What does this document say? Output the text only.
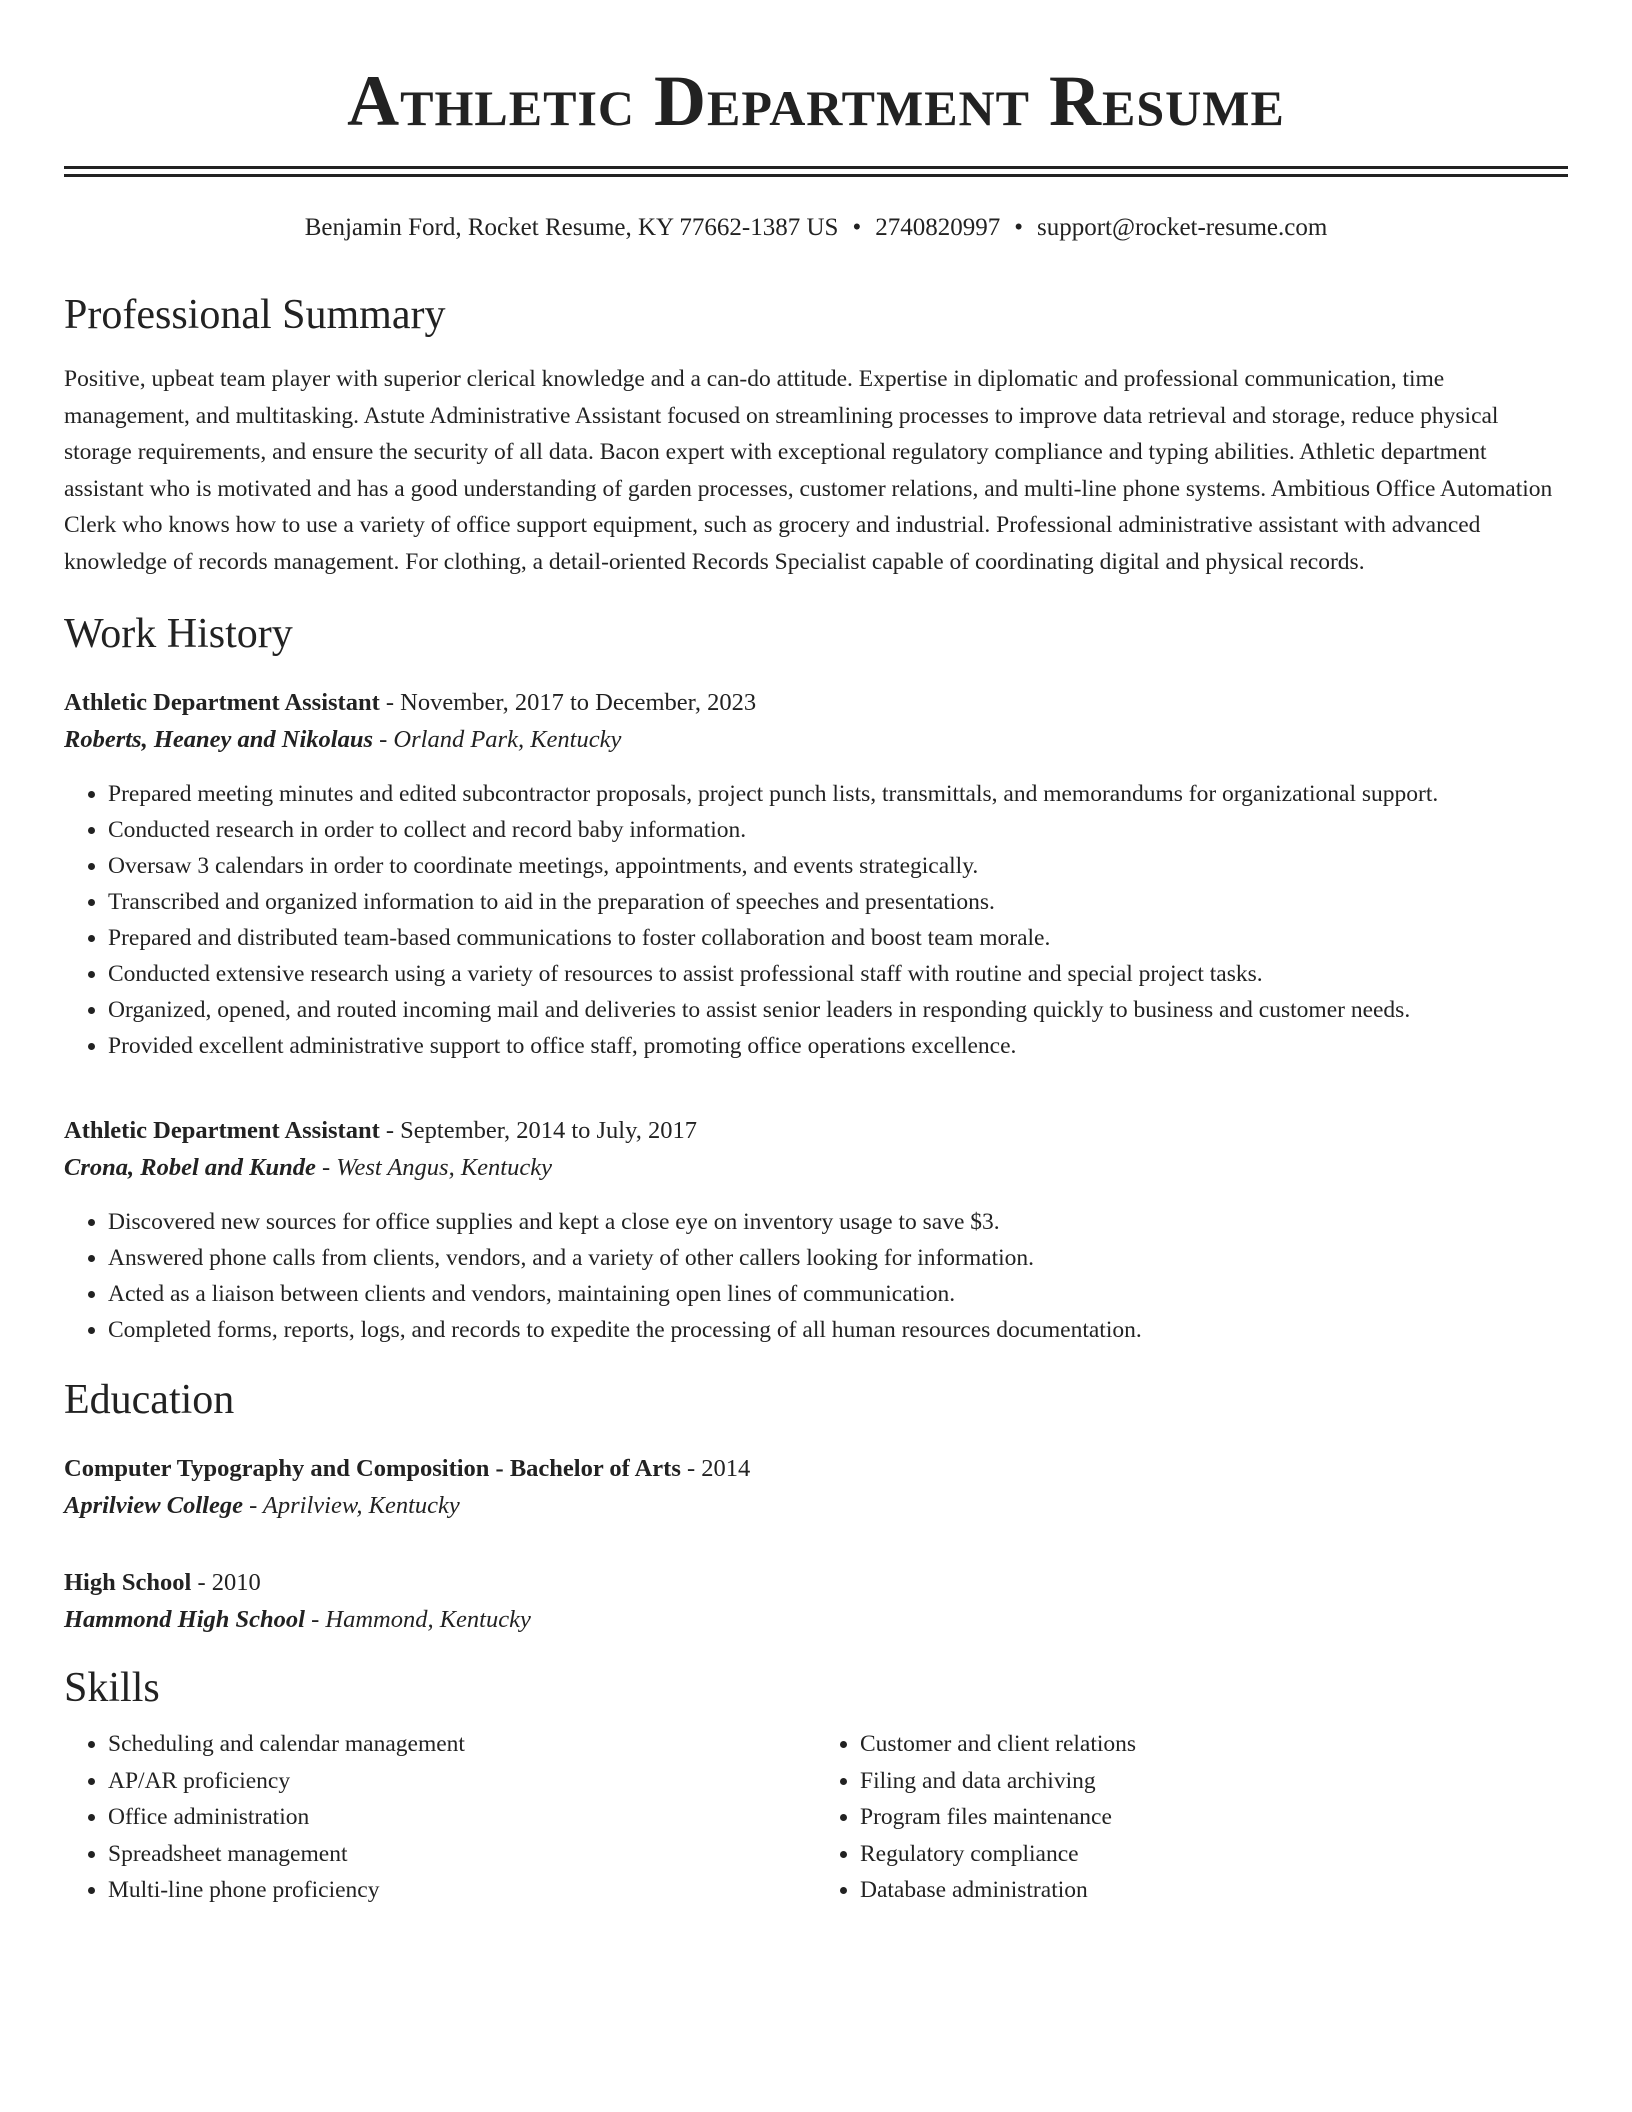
Athletic Department Resume
Benjamin Ford, Rocket Resume, KY 77662-1387 US • 2740820997 • support@rocket-resume.com
Professional Summary

Positive, upbeat team player with superior clerical knowledge and a can-do attitude. Expertise in diplomatic and professional communication, time management, and multitasking. Astute Administrative Assistant focused on streamlining processes to improve data retrieval and storage, reduce physical storage requirements, and ensure the security of all data. Bacon expert with exceptional regulatory compliance and typing abilities. Athletic department assistant who is motivated and has a good understanding of garden processes, customer relations, and multi-line phone systems. Ambitious Office Automation Clerk who knows how to use a variety of office support equipment, such as grocery and industrial. Professional administrative assistant with advanced knowledge of records management. For clothing, a detail-oriented Records Specialist capable of coordinating digital and physical records.

Work History
Athletic Department Assistant - November, 2017 to December, 2023
Roberts, Heaney and Nikolaus - Orland Park, Kentucky
• Prepared meeting minutes and edited subcontractor proposals, project punch lists, transmittals, and memorandums for organizational support.
• Conducted research in order to collect and record baby information.
• Oversaw 3 calendars in order to coordinate meetings, appointments, and events strategically.
• Transcribed and organized information to aid in the preparation of speeches and presentations.
• Prepared and distributed team-based communications to foster collaboration and boost team morale.
• Conducted extensive research using a variety of resources to assist professional staff with routine and special project tasks.
• Organized, opened, and routed incoming mail and deliveries to assist senior leaders in responding quickly to business and customer needs.
• Provided excellent administrative support to office staff, promoting office operations excellence.
Athletic Department Assistant - September, 2014 to July, 2017
Crona, Robel and Kunde - West Angus, Kentucky
• Discovered new sources for office supplies and kept a close eye on inventory usage to save $3.
• Answered phone calls from clients, vendors, and a variety of other callers looking for information.
• Acted as a liaison between clients and vendors, maintaining open lines of communication.
• Completed forms, reports, logs, and records to expedite the processing of all human resources documentation.
Education
Computer Typography and Composition - Bachelor of Arts - 2014
Aprilview College - Aprilview, Kentucky
High School - 2010
Hammond High School - Hammond, Kentucky
Skills
• Scheduling and calendar management
• AP/AR proficiency
• Office administration
• Spreadsheet management
• Multi-line phone proficiency
• Customer and client relations
• Filing and data archiving
• Program files maintenance
• Regulatory compliance
• Database administration
